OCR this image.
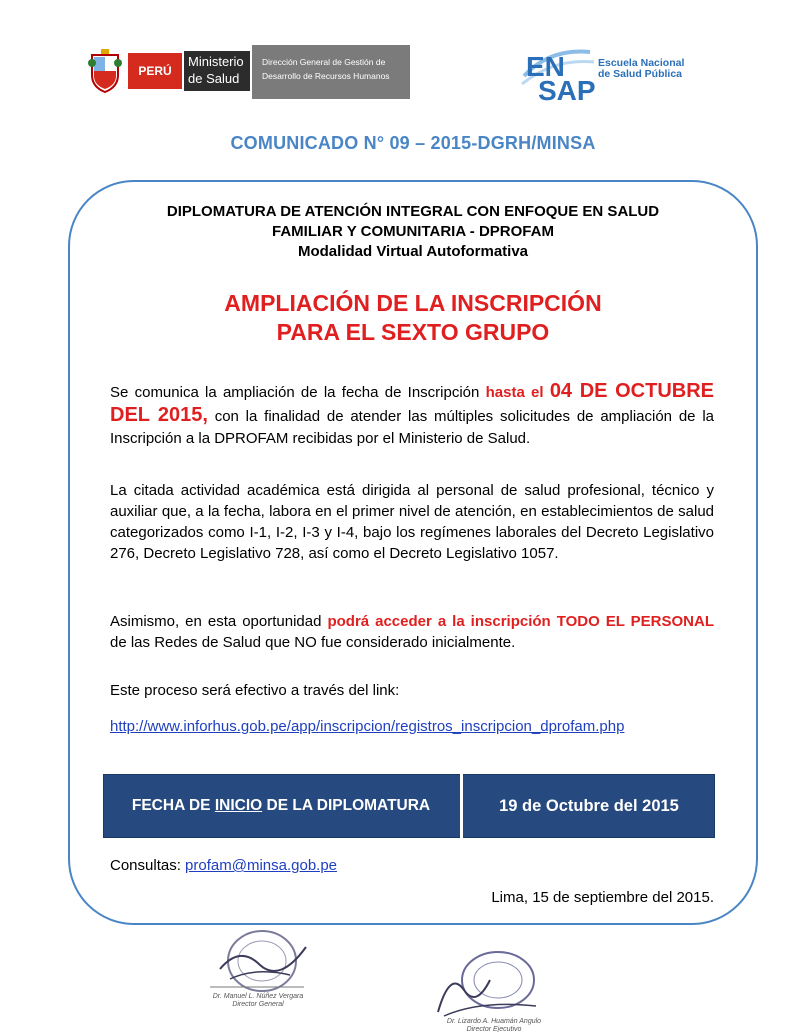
PERÚ
Ministerio
de Salud
Dirección General de Gestión de
Desarrollo de Recursos Humanos	EN
SAP
Escuela Nacional
de Salud Pública
COMUNICADO N° 09 – 2015-DGRH/MINSA
DIPLOMATURA DE ATENCIÓN INTEGRAL CON ENFOQUE EN SALUD
FAMILIAR Y COMUNITARIA - DPROFAM
Modalidad Virtual Autoformativa
AMPLIACIÓN DE LA INSCRIPCIÓN
PARA EL SEXTO GRUPO
Se comunica la ampliación de la fecha de Inscripción hasta el 04 DE OCTUBRE DEL 2015, con la finalidad de atender las múltiples solicitudes de ampliación de la Inscripción a la DPROFAM recibidas por el Ministerio de Salud.
La citada actividad académica está dirigida al personal de salud profesional, técnico y auxiliar que, a la fecha, labora en el primer nivel de atención, en establecimientos de salud categorizados como I-1, I-2, I-3 y I-4, bajo los regímenes laborales del Decreto Legislativo 276, Decreto Legislativo 728, así como el Decreto Legislativo 1057.
Asimismo, en esta oportunidad podrá acceder a la inscripción TODO EL PERSONAL de las Redes de Salud que NO fue considerado inicialmente.
Este proceso será efectivo a través del link:
http://www.inforhus.gob.pe/app/inscripcion/registros_inscripcion_dprofam.php
FECHA DE INICIO DE LA DIPLOMATURA	19 de Octubre del 2015
Consultas: profam@minsa.gob.pe
Lima, 15 de septiembre del 2015.
Dr. Manuel L. Núñez Vergara
Director General
Dr. Lizardo A. Huamán Angulo
Director Ejecutivo
